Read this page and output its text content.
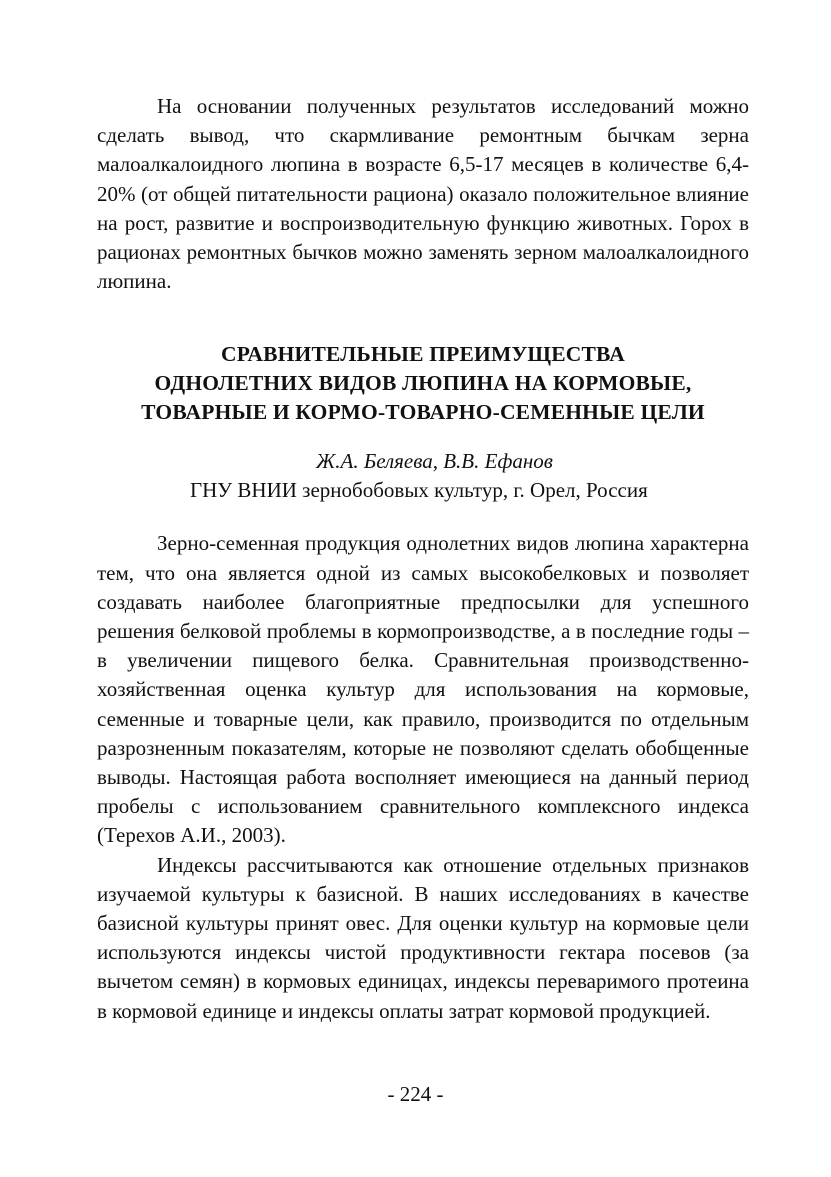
На основании полученных результатов исследований можно сделать вывод, что скармливание ремонтным бычкам зерна малоалкалоидного люпина в возрасте 6,5-17 месяцев в количестве 6,4-20% (от общей питательности рациона) оказало положительное влияние на рост, развитие и воспроизводительную функцию животных. Горох в рационах ремонтных бычков можно заменять зерном малоалкалоидного люпина.

СРАВНИТЕЛЬНЫЕ ПРЕИМУЩЕСТВА
ОДНОЛЕТНИХ ВИДОВ ЛЮПИНА НА КОРМОВЫЕ,
ТОВАРНЫЕ И КОРМО-ТОВАРНО-СЕМЕННЫЕ ЦЕЛИ

Ж.А. Беляева, В.В. Ефанов

ГНУ ВНИИ зернобобовых культур, г. Орел, Россия

Зерно-семенная продукция однолетних видов люпина характерна тем, что она является одной из самых высокобелковых и позволяет создавать наиболее благоприятные предпосылки для успешного решения белковой проблемы в кормопроизводстве, а в последние годы – в увеличении пищевого белка. Сравнительная производственно-хозяйственная оценка культур для использования на кормовые, семенные и товарные цели, как правило, производится по отдельным разрозненным показателям, которые не позволяют сделать обобщенные выводы. Настоящая работа восполняет имеющиеся на данный период пробелы с использованием сравнительного комплексного индекса (Терехов А.И., 2003).

Индексы рассчитываются как отношение отдельных признаков изучаемой культуры к базисной. В наших исследованиях в качестве базисной культуры принят овес. Для оценки культур на кормовые цели используются индексы чистой продуктивности гектара посевов (за вычетом семян) в кормовых единицах, индексы переваримого протеина в кормовой единице и индексы оплаты затрат кормовой продукцией.

- 224 -
